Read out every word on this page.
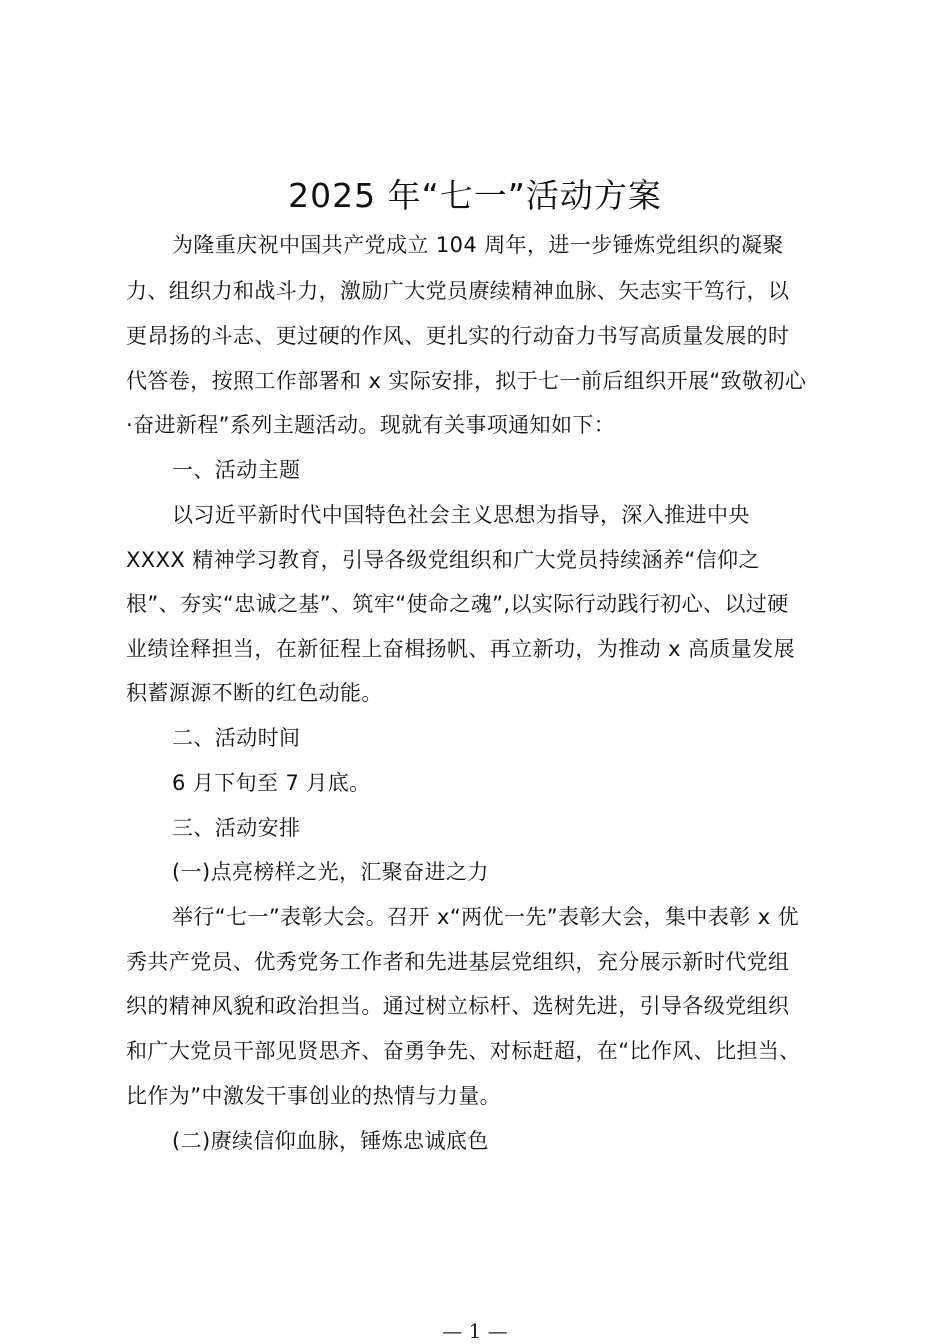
2025 年“七一”活动方案
为隆重庆祝中国共产党成立 104 周年，进一步锤炼党组织的凝聚
力、组织力和战斗力，激励广大党员赓续精神血脉、矢志实干笃行，以
更昂扬的斗志、更过硬的作风、更扎实的行动奋力书写高质量发展的时
代答卷，按照工作部署和 x 实际安排，拟于七一前后组织开展“致敬初心
·奋进新程”系列主题活动。现就有关事项通知如下：
一、活动主题
以习近平新时代中国特色社会主义思想为指导，深入推进中央
XXXX 精神学习教育，引导各级党组织和广大党员持续涵养“信仰之
根”、夯实“忠诚之基”、筑牢“使命之魂”,以实际行动践行初心、以过硬
业绩诠释担当，在新征程上奋楫扬帆、再立新功，为推动 x 高质量发展
积蓄源源不断的红色动能。
二、活动时间
6 月下旬至 7 月底。
三、活动安排
(一)点亮榜样之光，汇聚奋进之力
举行“七一”表彰大会。召开 x“两优一先”表彰大会，集中表彰 x 优
秀共产党员、优秀党务工作者和先进基层党组织，充分展示新时代党组
织的精神风貌和政治担当。通过树立标杆、选树先进，引导各级党组织
和广大党员干部见贤思齐、奋勇争先、对标赶超，在“比作风、比担当、
比作为”中激发干事创业的热情与力量。
(二)赓续信仰血脉，锤炼忠诚底色
— 1 —
